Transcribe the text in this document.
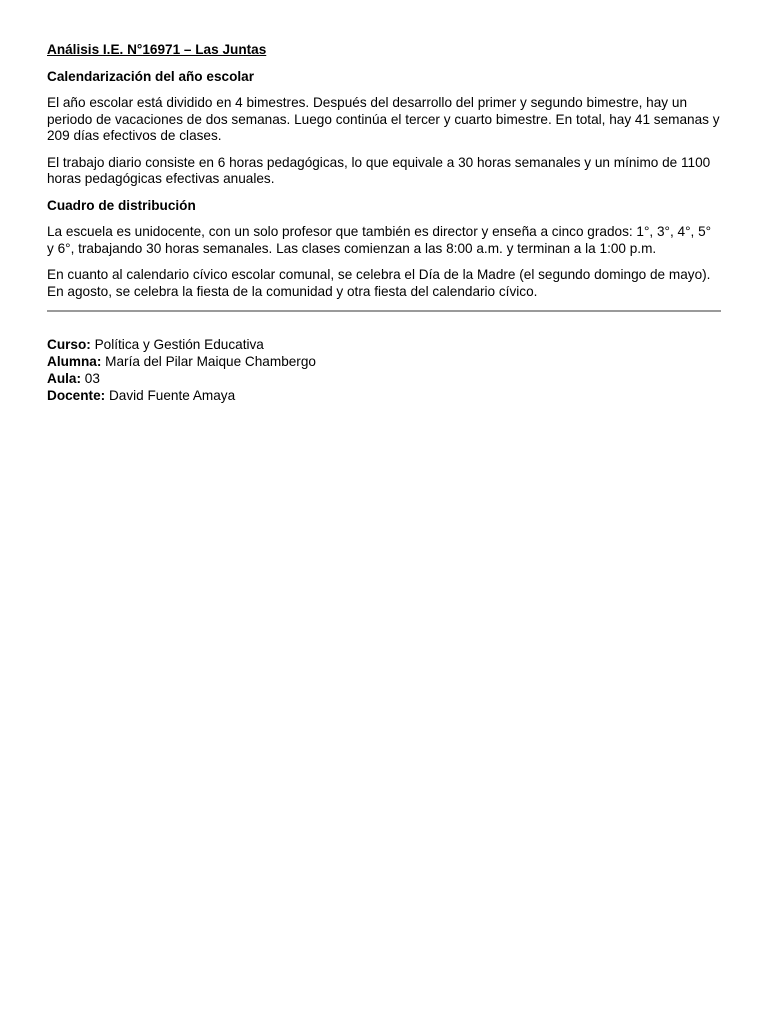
Análisis I.E. N°16971 – Las Juntas

Calendarización del año escolar

El año escolar está dividido en 4 bimestres. Después del desarrollo del primer y segundo bimestre, hay un periodo de vacaciones de dos semanas. Luego continúa el tercer y cuarto bimestre. En total, hay 41 semanas y 209 días efectivos de clases.

El trabajo diario consiste en 6 horas pedagógicas, lo que equivale a 30 horas semanales y un mínimo de 1100 horas pedagógicas efectivas anuales.

Cuadro de distribución

La escuela es unidocente, con un solo profesor que también es director y enseña a cinco grados: 1°, 3°, 4°, 5° y 6°, trabajando 30 horas semanales. Las clases comienzan a las 8:00 a.m. y terminan a la 1:00 p.m.

En cuanto al calendario cívico escolar comunal, se celebra el Día de la Madre (el segundo domingo de mayo). En agosto, se celebra la fiesta de la comunidad y otra fiesta del calendario cívico.

Curso: Política y Gestión Educativa

Alumna: María del Pilar Maique Chambergo

Aula: 03

Docente: David Fuente Amaya
